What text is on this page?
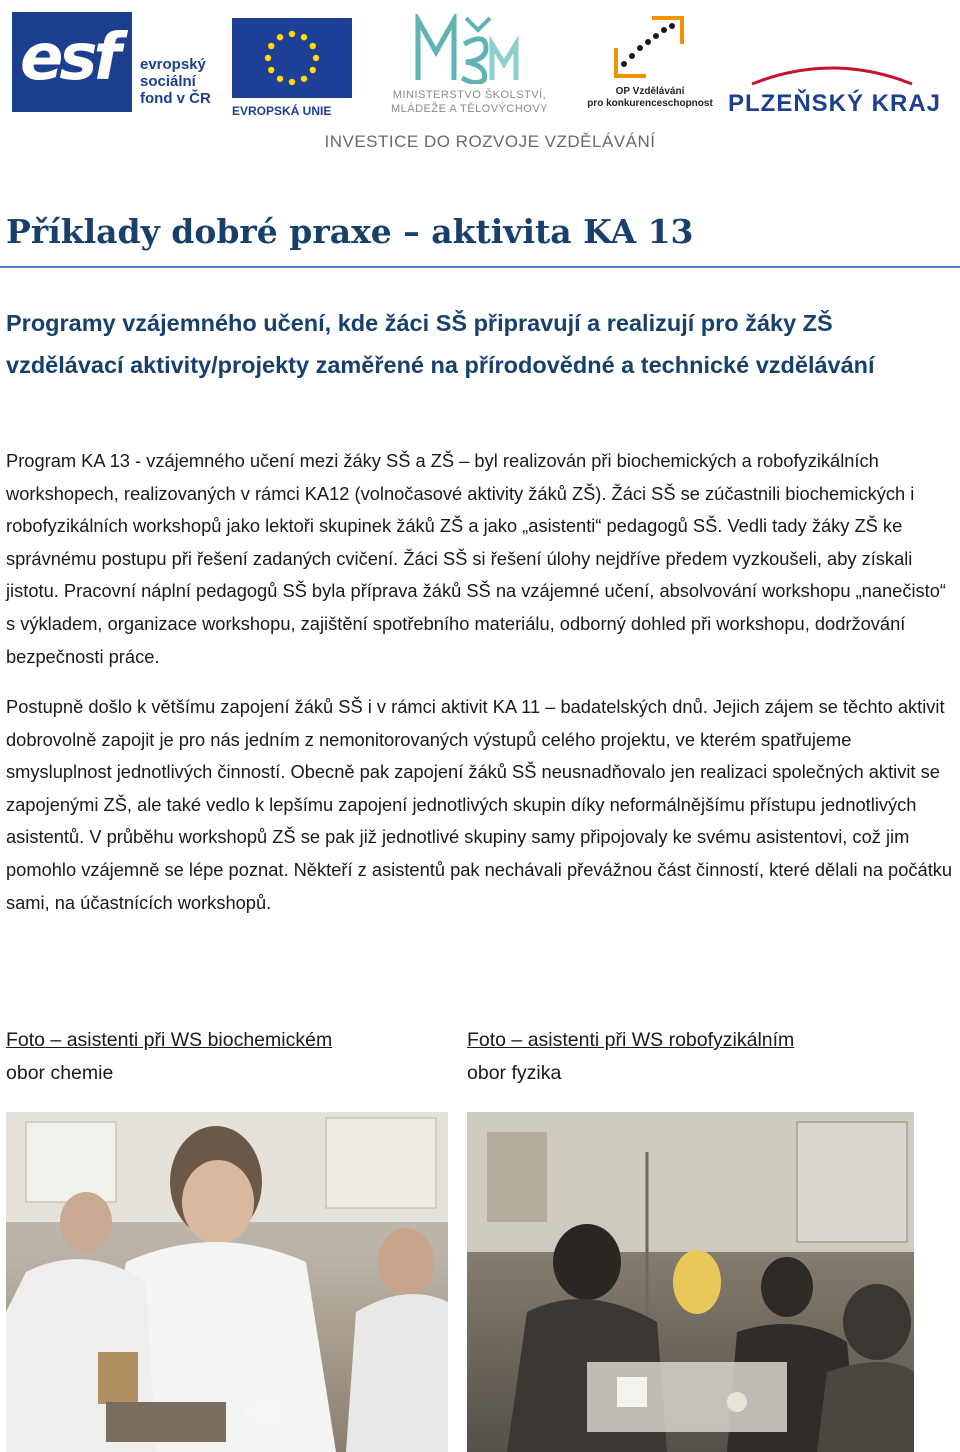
esf evropský
sociální
fond v ČR
EVROPSKÁ UNIE
MINISTERSTVO ŠKOLSTVÍ,
MLÁDEŽE A TĚLOVÝCHOVY
OP Vzdělávání
pro konkurenceschopnost PLZEŇSKÝ KRAJ
INVESTICE DO ROZVOJE VZDĚLÁVÁNÍ
Příklady dobré praxe – aktivita KA 13
Programy vzájemného učení, kde žáci SŠ připravují a realizují pro žáky ZŠ vzdělávací aktivity/projekty zaměřené na přírodovědné a technické vzdělávání

Program KA 13 - vzájemného učení mezi žáky SŠ a ZŠ – byl realizován při biochemických a robofyzikálních workshopech, realizovaných v rámci KA12 (volnočasové aktivity žáků ZŠ). Žáci SŠ se zúčastnili biochemických i robofyzikálních workshopů jako lektoři skupinek žáků ZŠ a jako „asistenti“ pedagogů SŠ. Vedli tady žáky ZŠ ke správnému postupu při řešení zadaných cvičení. Žáci SŠ si řešení úlohy nejdříve předem vyzkoušeli, aby získali jistotu. Pracovní náplní pedagogů SŠ byla příprava žáků SŠ na vzájemné učení, absolvování workshopu „nanečisto“ s výkladem, organizace workshopu, zajištění spotřebního materiálu, odborný dohled při workshopu, dodržování bezpečnosti práce.

Postupně došlo k většímu zapojení žáků SŠ i v rámci aktivit KA 11 – badatelských dnů. Jejich zájem se těchto aktivit dobrovolně zapojit je pro nás jedním z nemonitorovaných výstupů celého projektu, ve kterém spatřujeme smysluplnost jednotlivých činností. Obecně pak zapojení žáků SŠ neusnadňovalo jen realizaci společných aktivit se zapojenými ZŠ, ale také vedlo k lepšímu zapojení jednotlivých skupin díky neformálnějšímu přístupu jednotlivých asistentů. V průběhu workshopů ZŠ se pak již jednotlivé skupiny samy připojovaly ke svému asistentovi, což jim pomohlo vzájemně se lépe poznat. Někteří z asistentů pak nechávali převážnou část činností, které dělali na počátku sami, na účastnících workshopů.

Foto – asistenti při WS biochemickém
obor chemie
Foto – asistenti při WS robofyzikálním
obor fyzika
